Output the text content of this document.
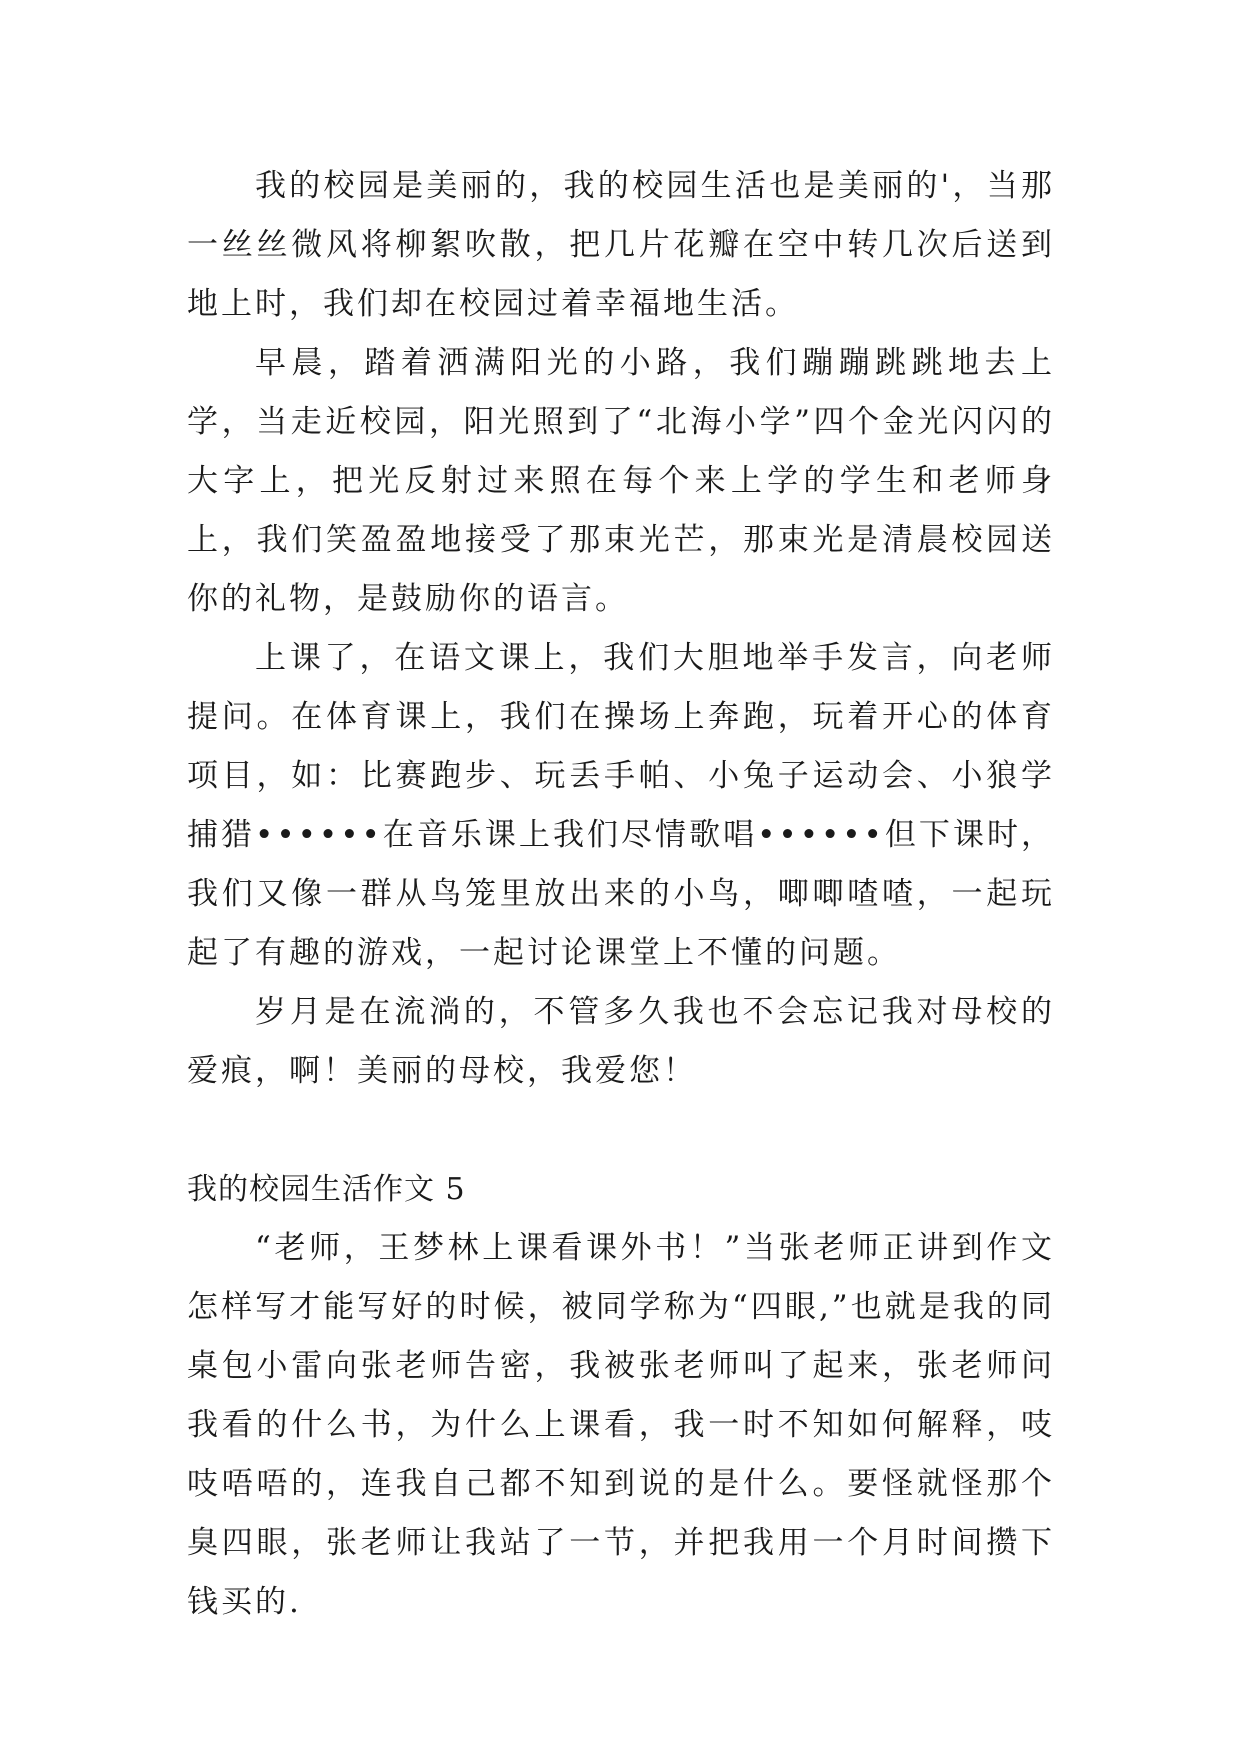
我的校园是美丽的，我的校园生活也是美丽的'，当那一丝丝微风将柳絮吹散，把几片花瓣在空中转几次后送到地上时，我们却在校园过着幸福地生活。

早晨，踏着洒满阳光的小路，我们蹦蹦跳跳地去上学，当走近校园，阳光照到了“北海小学”四个金光闪闪的大字上，把光反射过来照在每个来上学的学生和老师身上，我们笑盈盈地接受了那束光芒，那束光是清晨校园送你的礼物，是鼓励你的语言。

上课了，在语文课上，我们大胆地举手发言，向老师提问。在体育课上，我们在操场上奔跑，玩着开心的体育项目，如：比赛跑步、玩丢手帕、小兔子运动会、小狼学捕猎••••••在音乐课上我们尽情歌唱••••••但下课时，我们又像一群从鸟笼里放出来的小鸟，唧唧喳喳，一起玩起了有趣的游戏，一起讨论课堂上不懂的问题。

岁月是在流淌的，不管多久我也不会忘记我对母校的爱痕，啊！美丽的母校，我爱您！

我的校园生活作文 5

“老师，王梦林上课看课外书！”当张老师正讲到作文怎样写才能写好的时候，被同学称为“四眼,”也就是我的同桌包小雷向张老师告密，我被张老师叫了起来，张老师问我看的什么书，为什么上课看，我一时不知如何解释，吱吱唔唔的，连我自己都不知到说的是什么。要怪就怪那个臭四眼，张老师让我站了一节，并把我用一个月时间攒下钱买的.
